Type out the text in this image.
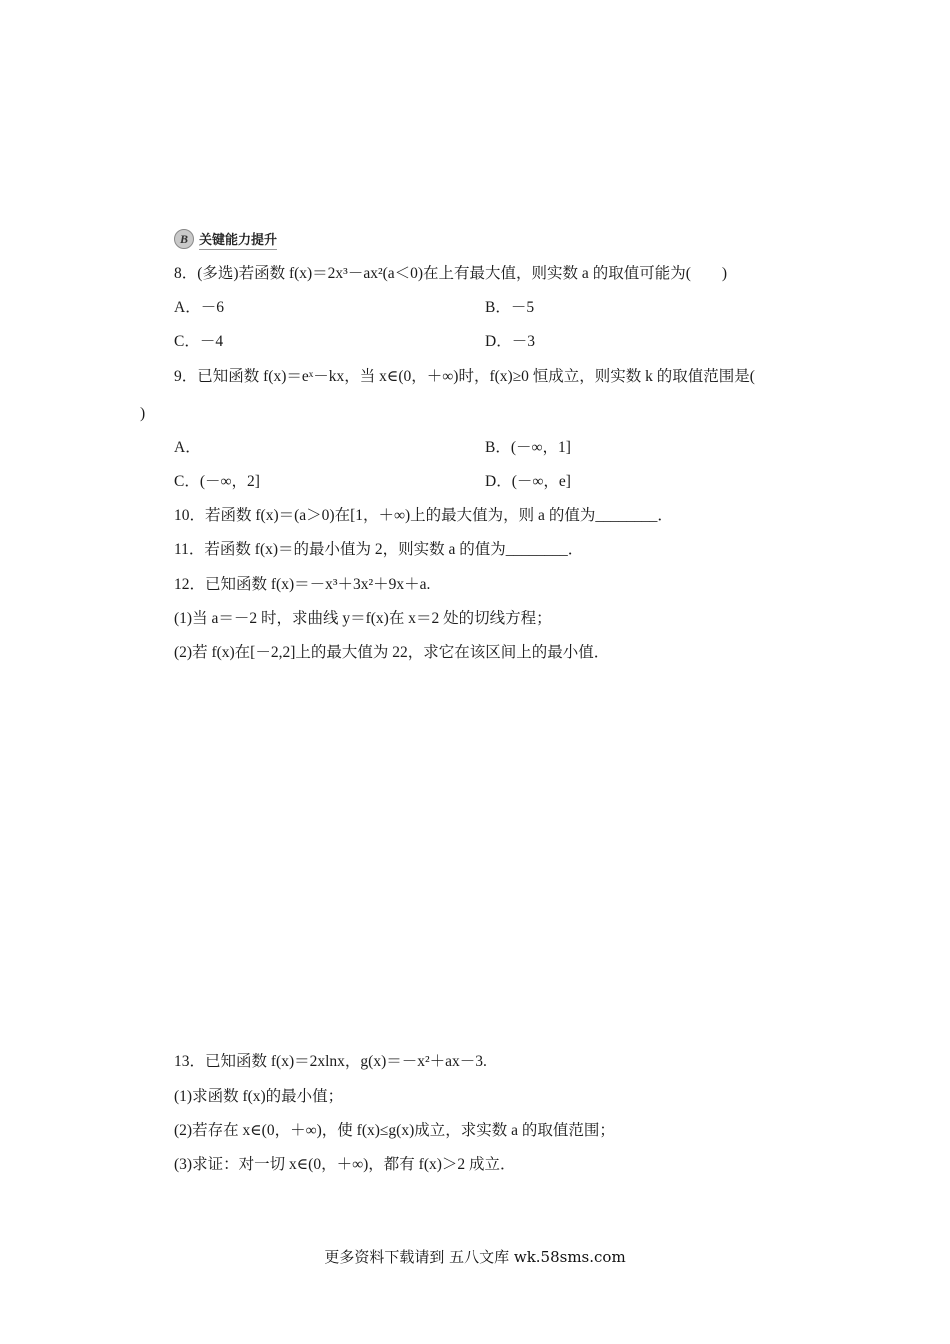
B 关键能力提升
8．(多选)若函数 f(x)＝2x³－ax²(a＜0)在上有最大值，则实数 a 的取值可能为(　　)
A．－6	B．－5
C．－4	D．－3
9．已知函数 f(x)＝eˣ－kx，当 x∈(0，＋∞)时，f(x)≥0 恒成立，则实数 k 的取值范围是(
)
A．	B．(－∞，1]
C．(－∞，2]	D．(－∞，e]
10．若函数 f(x)＝(a＞0)在[1，＋∞)上的最大值为，则 a 的值为________．
11．若函数 f(x)＝的最小值为 2，则实数 a 的值为________．
12．已知函数 f(x)＝－x³＋3x²＋9x＋a.
(1)当 a＝－2 时，求曲线 y＝f(x)在 x＝2 处的切线方程；
(2)若 f(x)在[－2,2]上的最大值为 22，求它在该区间上的最小值．
13．已知函数 f(x)＝2xlnx，g(x)＝－x²＋ax－3.
(1)求函数 f(x)的最小值；
(2)若存在 x∈(0，＋∞)，使 f(x)≤g(x)成立，求实数 a 的取值范围；
(3)求证：对一切 x∈(0，＋∞)，都有 f(x)＞2 成立．
更多资料下载请到 五八文库 wk.58sms.com
